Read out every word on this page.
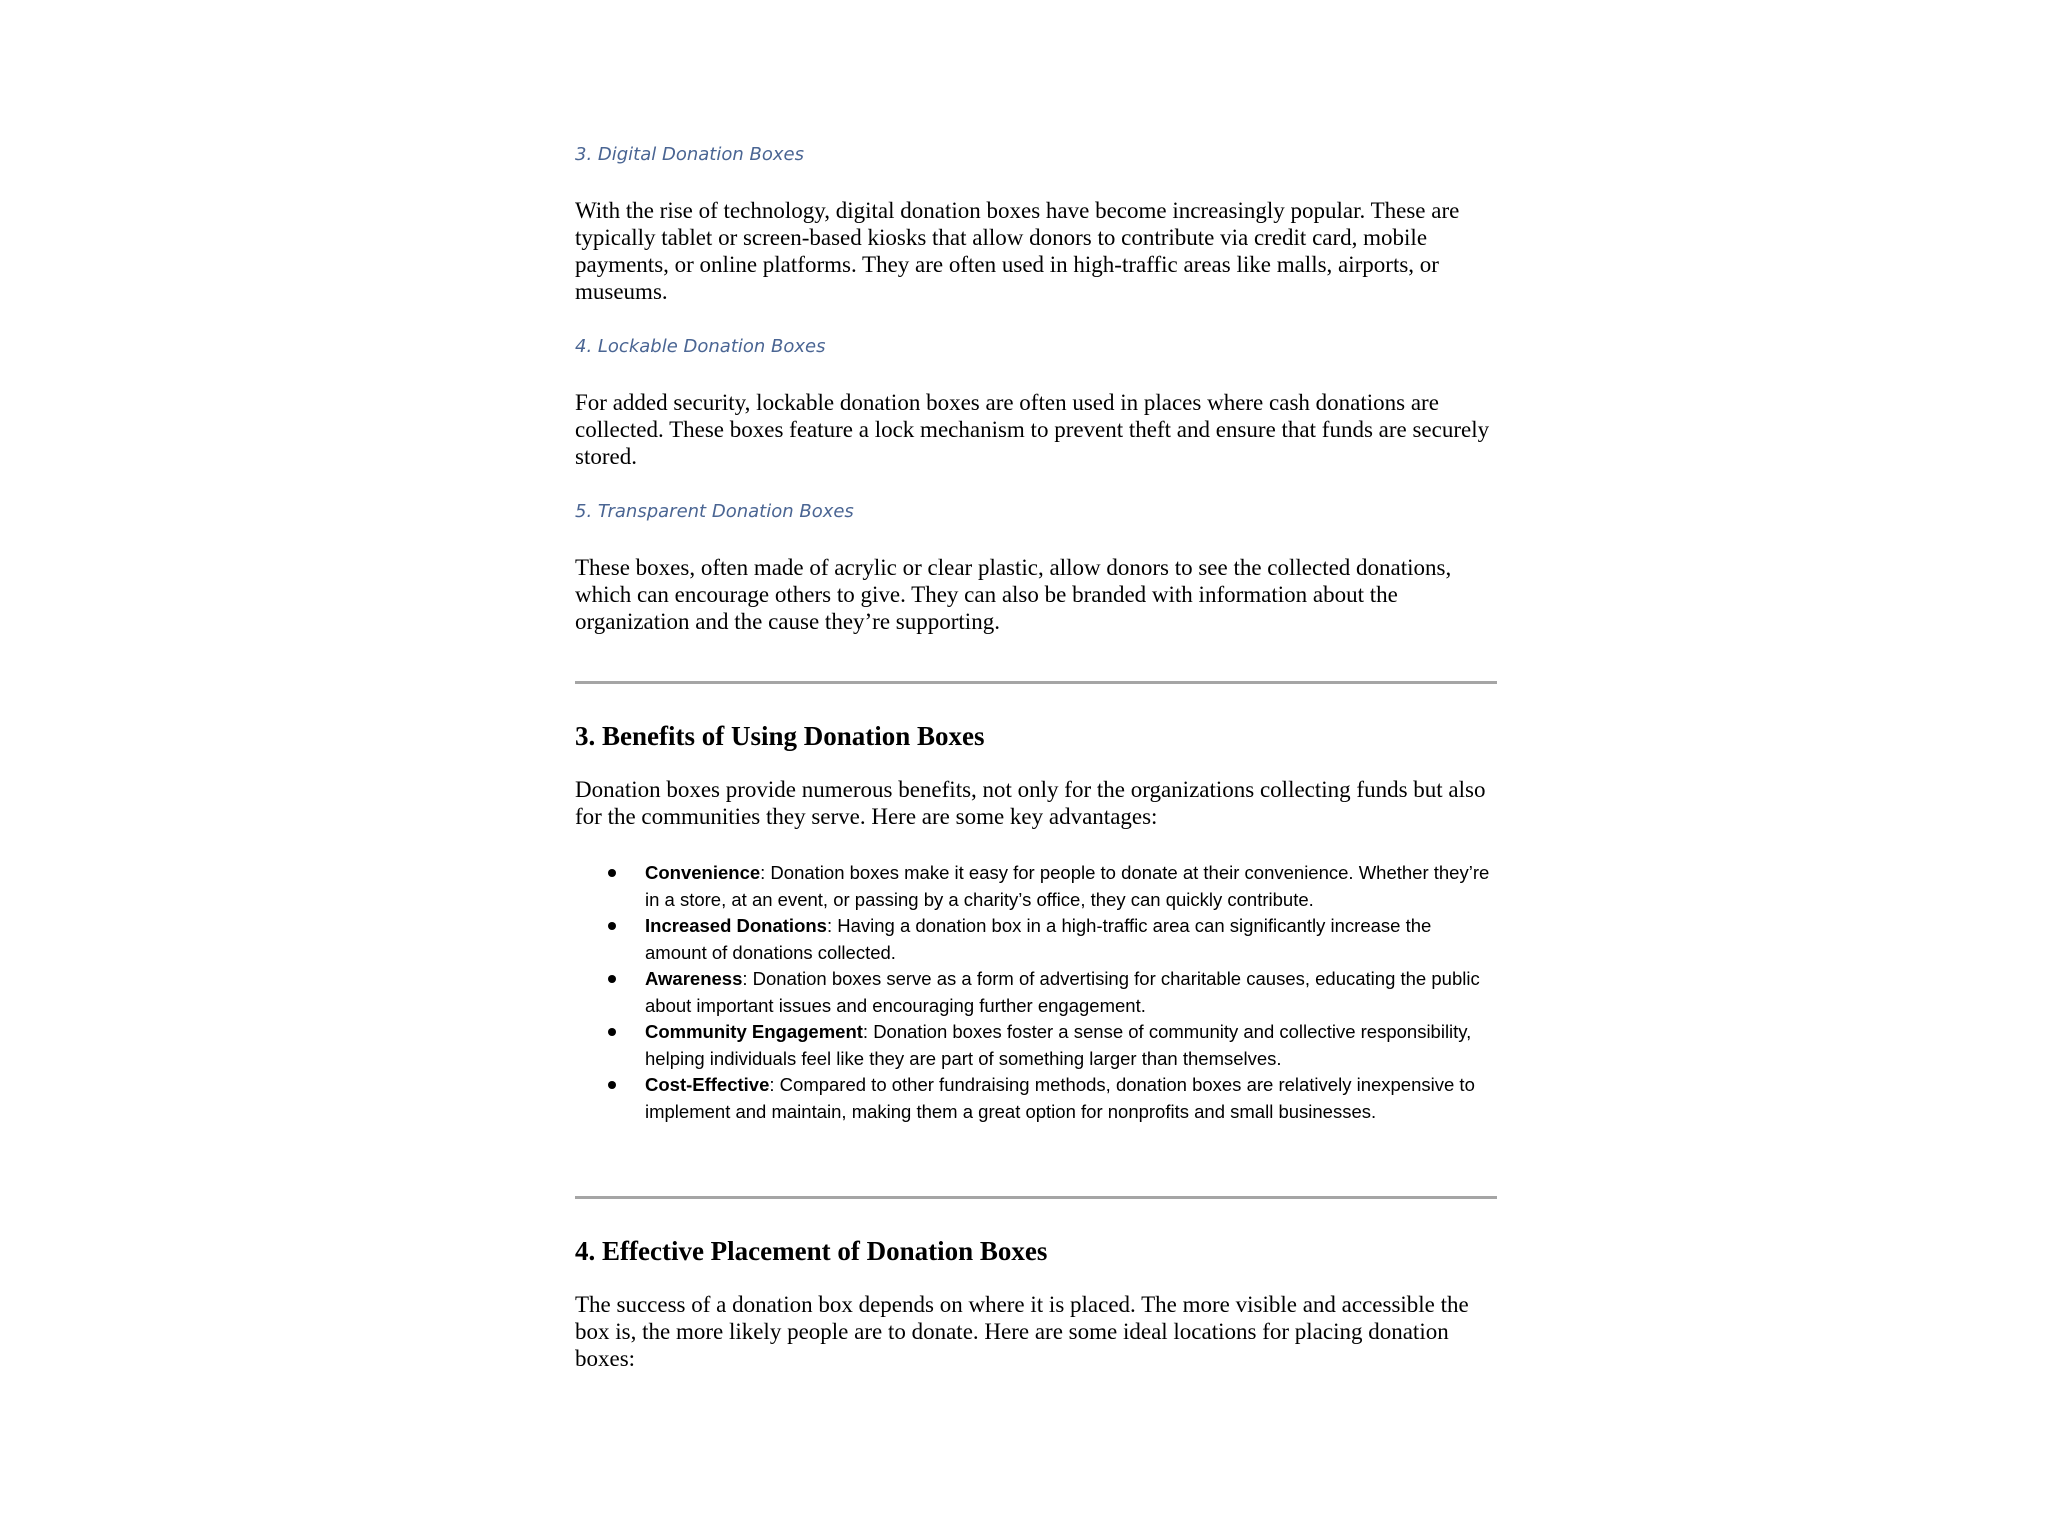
3. Digital Donation Boxes

With the rise of technology, digital donation boxes have become increasingly popular. These are typically tablet or screen-based kiosks that allow donors to contribute via credit card, mobile payments, or online platforms. They are often used in high-traffic areas like malls, airports, or museums.

4. Lockable Donation Boxes

For added security, lockable donation boxes are often used in places where cash donations are collected. These boxes feature a lock mechanism to prevent theft and ensure that funds are securely stored.

5. Transparent Donation Boxes

These boxes, often made of acrylic or clear plastic, allow donors to see the collected donations, which can encourage others to give. They can also be branded with information about the organization and the cause they’re supporting.

3. Benefits of Using Donation Boxes

Donation boxes provide numerous benefits, not only for the organizations collecting funds but also for the communities they serve. Here are some key advantages:

Convenience: Donation boxes make it easy for people to donate at their convenience. Whether they’re in a store, at an event, or passing by a charity’s office, they can quickly contribute.
Increased Donations: Having a donation box in a high-traffic area can significantly increase the amount of donations collected.
Awareness: Donation boxes serve as a form of advertising for charitable causes, educating the public about important issues and encouraging further engagement.
Community Engagement: Donation boxes foster a sense of community and collective responsibility, helping individuals feel like they are part of something larger than themselves.
Cost-Effective: Compared to other fundraising methods, donation boxes are relatively inexpensive to implement and maintain, making them a great option for nonprofits and small businesses.
4. Effective Placement of Donation Boxes

The success of a donation box depends on where it is placed. The more visible and accessible the box is, the more likely people are to donate. Here are some ideal locations for placing donation boxes:
